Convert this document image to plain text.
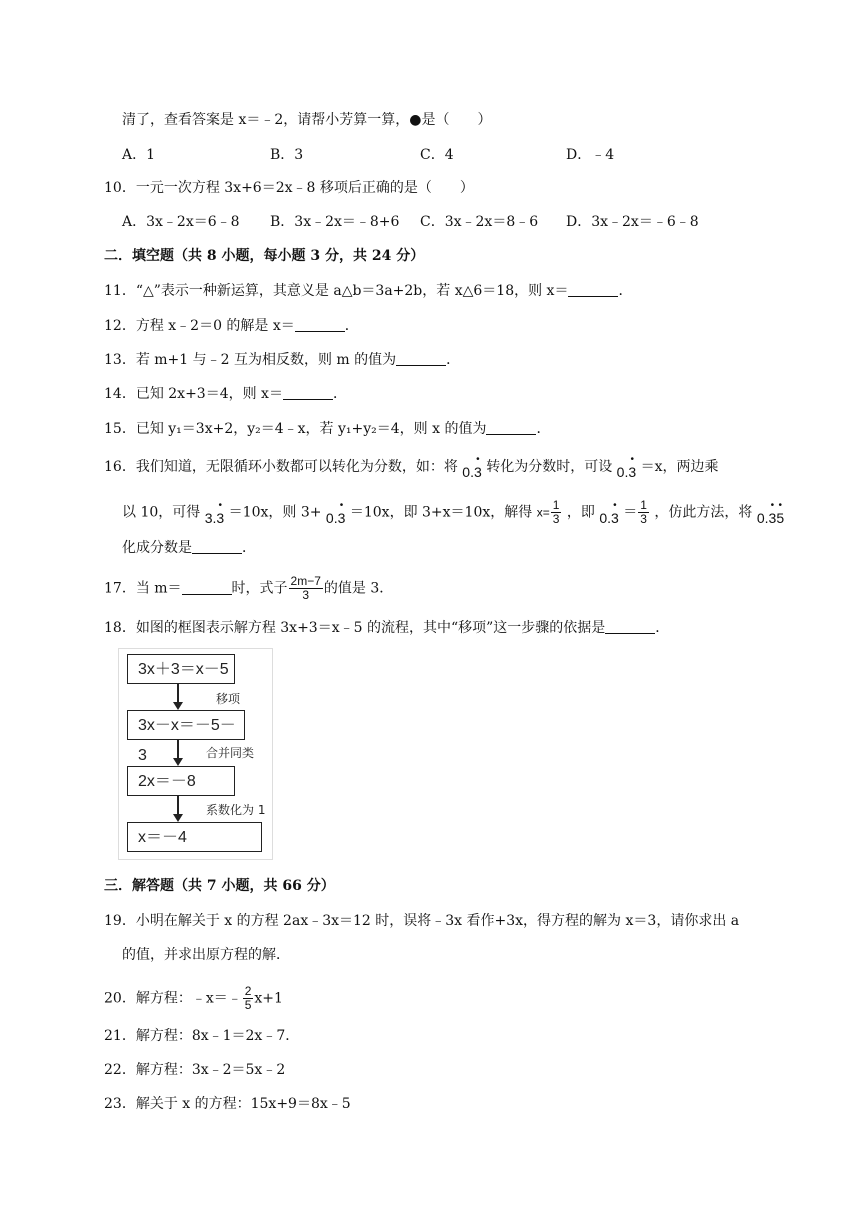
清了，查看答案是 x＝﹣2，请帮小芳算一算，●是（　　）
A．1	B．3	C．4	D．﹣4
10．一元一次方程 3x+6＝2x﹣8 移项后正确的是（　　）
A．3x﹣2x＝6﹣8 B．3x﹣2x＝﹣8+6 C．3x﹣2x＝8﹣6 D．3x﹣2x＝﹣6﹣8
二．填空题（共 8 小题，每小题 3 分，共 24 分）
11．“△”表示一种新运算，其意义是 a△b＝3a+2b，若 x△6＝18，则 x＝	．
12．方程 x﹣2＝0 的解是 x＝	．
13．若 m+1 与﹣2 互为相反数，则 m 的值为	．
14．已知 2x+3＝4，则 x＝	．
15．已知 y₁＝3x+2，y₂＝4﹣x，若 y₁+y₂＝4，则 x 的值为	．
16．我们知道，无限循环小数都可以转化为分数，如：将 0.3
• 转化为分数时，可设 0.3
• ＝x，两边乘
以 10，可得 3.3
• ＝10x，则 3+ 0.3
• ＝10x，即 3+x＝10x，解得 $x= \frac{1}{3}$ ，即 0.3
• ＝ $\frac{1}{3}$ ，仿此方法，将 0.3
•
5
•
化成分数是	．
17．当 m＝	时，式子 $\frac{2m-7}{3}$ 的值是 3．
18．如图的框图表示解方程 3x+3＝x﹣5 的流程，其中“移项”这一步骤的依据是	．
3x＋3＝x－5
移项
3x－x＝－5－3	合并同类
2x＝－8
系数化为 1
x＝－4
三．解答题（共 7 小题，共 66 分）
19．小明在解关于 x 的方程 2ax﹣3x＝12 时，误将﹣3x 看作+3x，得方程的解为 x＝3，请你求出 a
的值，并求出原方程的解．
20．解方程：﹣x＝﹣ $\frac{2}{5} x+1$
21．解方程：8x﹣1＝2x﹣7．
22．解方程：3x﹣2＝5x﹣2
23．解关于 x 的方程：15x+9＝8x﹣5
